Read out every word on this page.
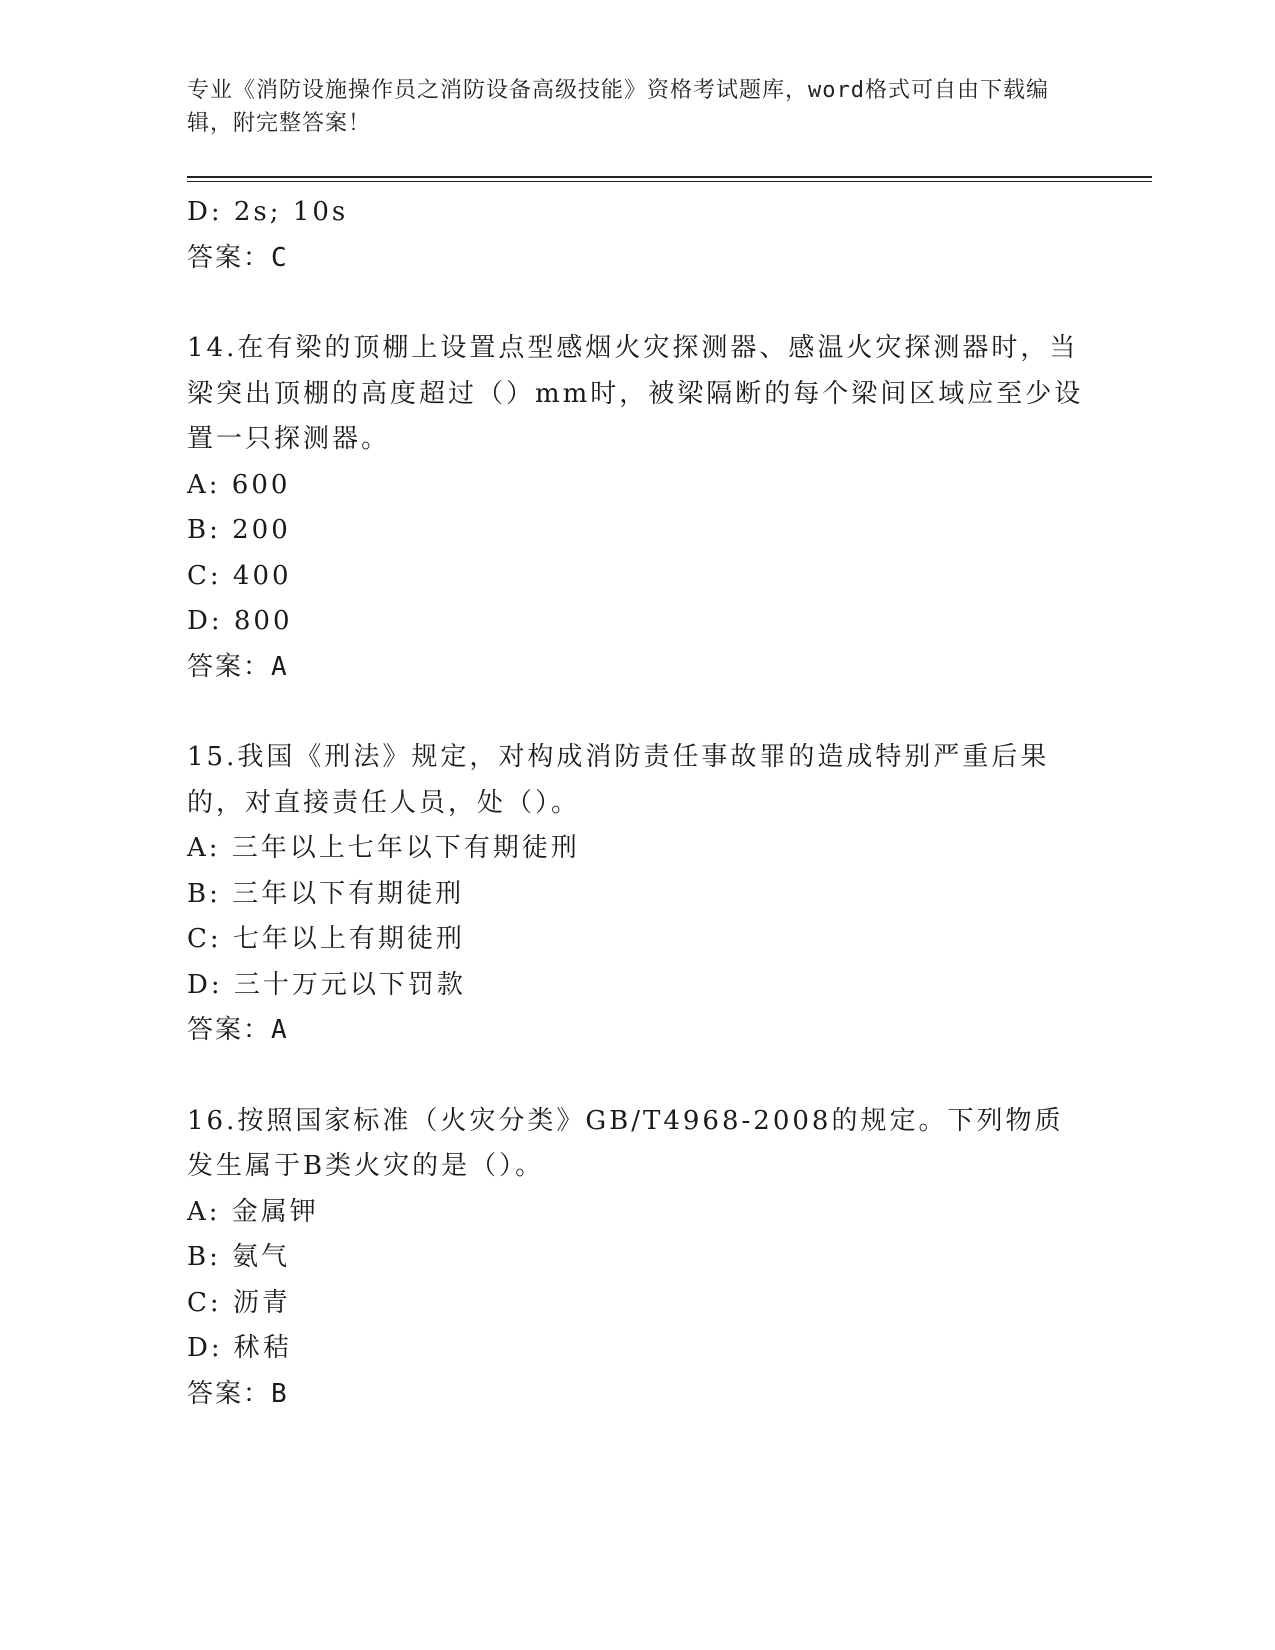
专业《消防设施操作员之消防设备高级技能》资格考试题库，word格式可自由下载编辑，附完整答案！

D: 2s; 10s

答案：C

14.在有梁的顶棚上设置点型感烟火灾探测器、感温火灾探测器时，当梁突出顶棚的高度超过（）mm时，被梁隔断的每个梁间区域应至少设置一只探测器。

A: 600

B: 200

C: 400

D: 800

答案：A

15.我国《刑法》规定，对构成消防责任事故罪的造成特别严重后果的，对直接责任人员，处（）。

A: 三年以上七年以下有期徒刑

B: 三年以下有期徒刑

C: 七年以上有期徒刑

D: 三十万元以下罚款

答案：A

16.按照国家标准（火灾分类》GB/T4968-2008的规定。下列物质发生属于B类火灾的是（）。

A: 金属钾

B: 氨气

C: 沥青

D: 秫秸

答案：B
